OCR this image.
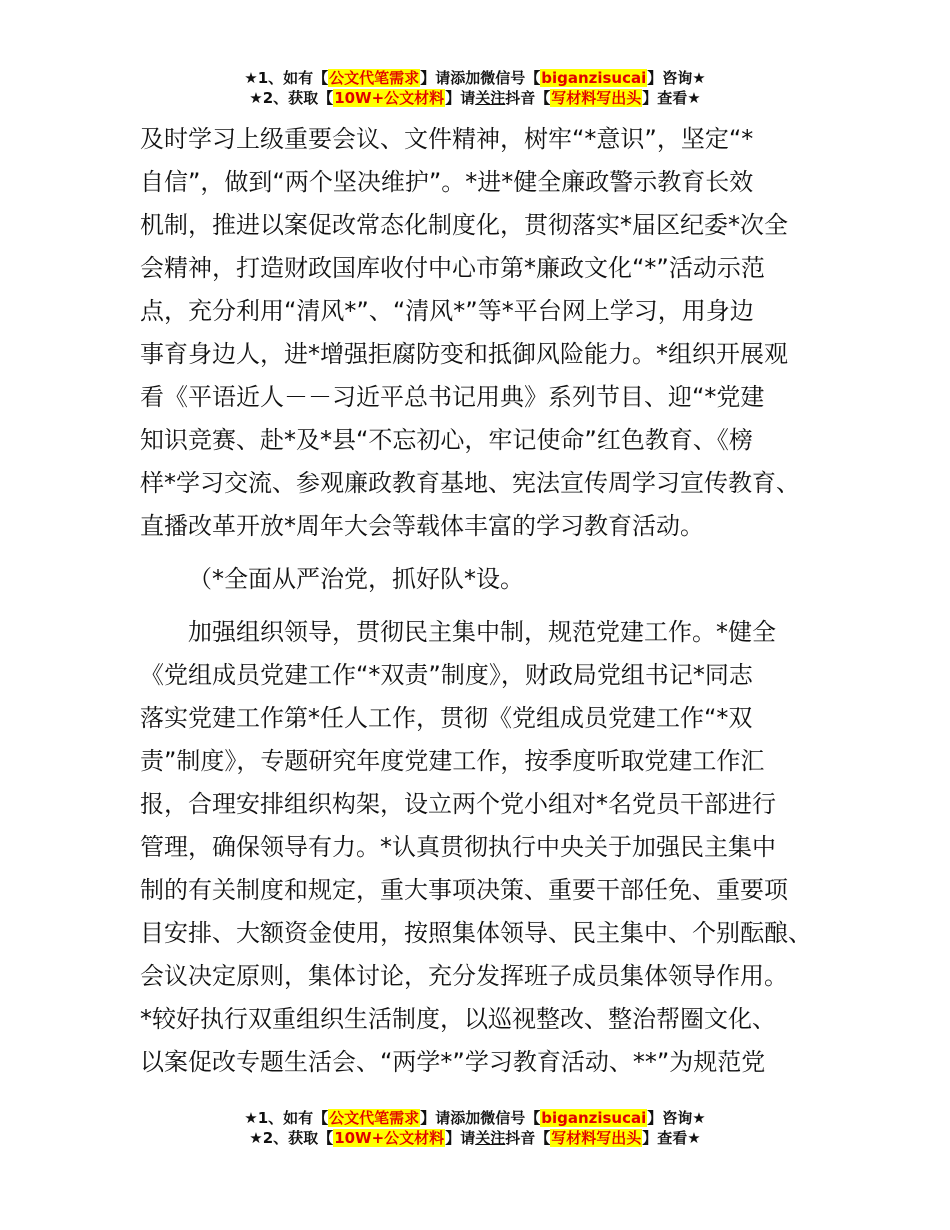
★1、如有【公文代笔需求】请添加微信号【biganzisucai】咨询★
★2、获取【10W+公文材料】请关注抖音【写材料写出头】查看★
及时学习上级重要会议、文件精神，树牢“*意识”，坚定“*
自信”，做到“两个坚决维护”。*进*健全廉政警示教育长效
机制，推进以案促改常态化制度化，贯彻落实*届区纪委*次全
会精神，打造财政国库收付中心市第*廉政文化“*”活动示范
点，充分利用“清风*”、“清风*”等*平台网上学习，用身边
事育身边人，进*增强拒腐防变和抵御风险能力。*组织开展观
看《平语近人－－习近平总书记用典》系列节目、迎“*党建
知识竞赛、赴*及*县“不忘初心，牢记使命”红色教育、《榜
样*学习交流、参观廉政教育基地、宪法宣传周学习宣传教育、
直播改革开放*周年大会等载体丰富的学习教育活动。
（*全面从严治党，抓好队*设。
加强组织领导，贯彻民主集中制，规范党建工作。*健全
《党组成员党建工作“*双责”制度》，财政局党组书记*同志
落实党建工作第*任人工作，贯彻《党组成员党建工作“*双
责”制度》，专题研究年度党建工作，按季度听取党建工作汇
报，合理安排组织构架，设立两个党小组对*名党员干部进行
管理，确保领导有力。*认真贯彻执行中央关于加强民主集中
制的有关制度和规定，重大事项决策、重要干部任免、重要项
目安排、大额资金使用，按照集体领导、民主集中、个别酝酿、
会议决定原则，集体讨论，充分发挥班子成员集体领导作用。
*较好执行双重组织生活制度，以巡视整改、整治帮圈文化、
以案促改专题生活会、“两学*”学习教育活动、**”为规范党
★1、如有【公文代笔需求】请添加微信号【biganzisucai】咨询★
★2、获取【10W+公文材料】请关注抖音【写材料写出头】查看★
